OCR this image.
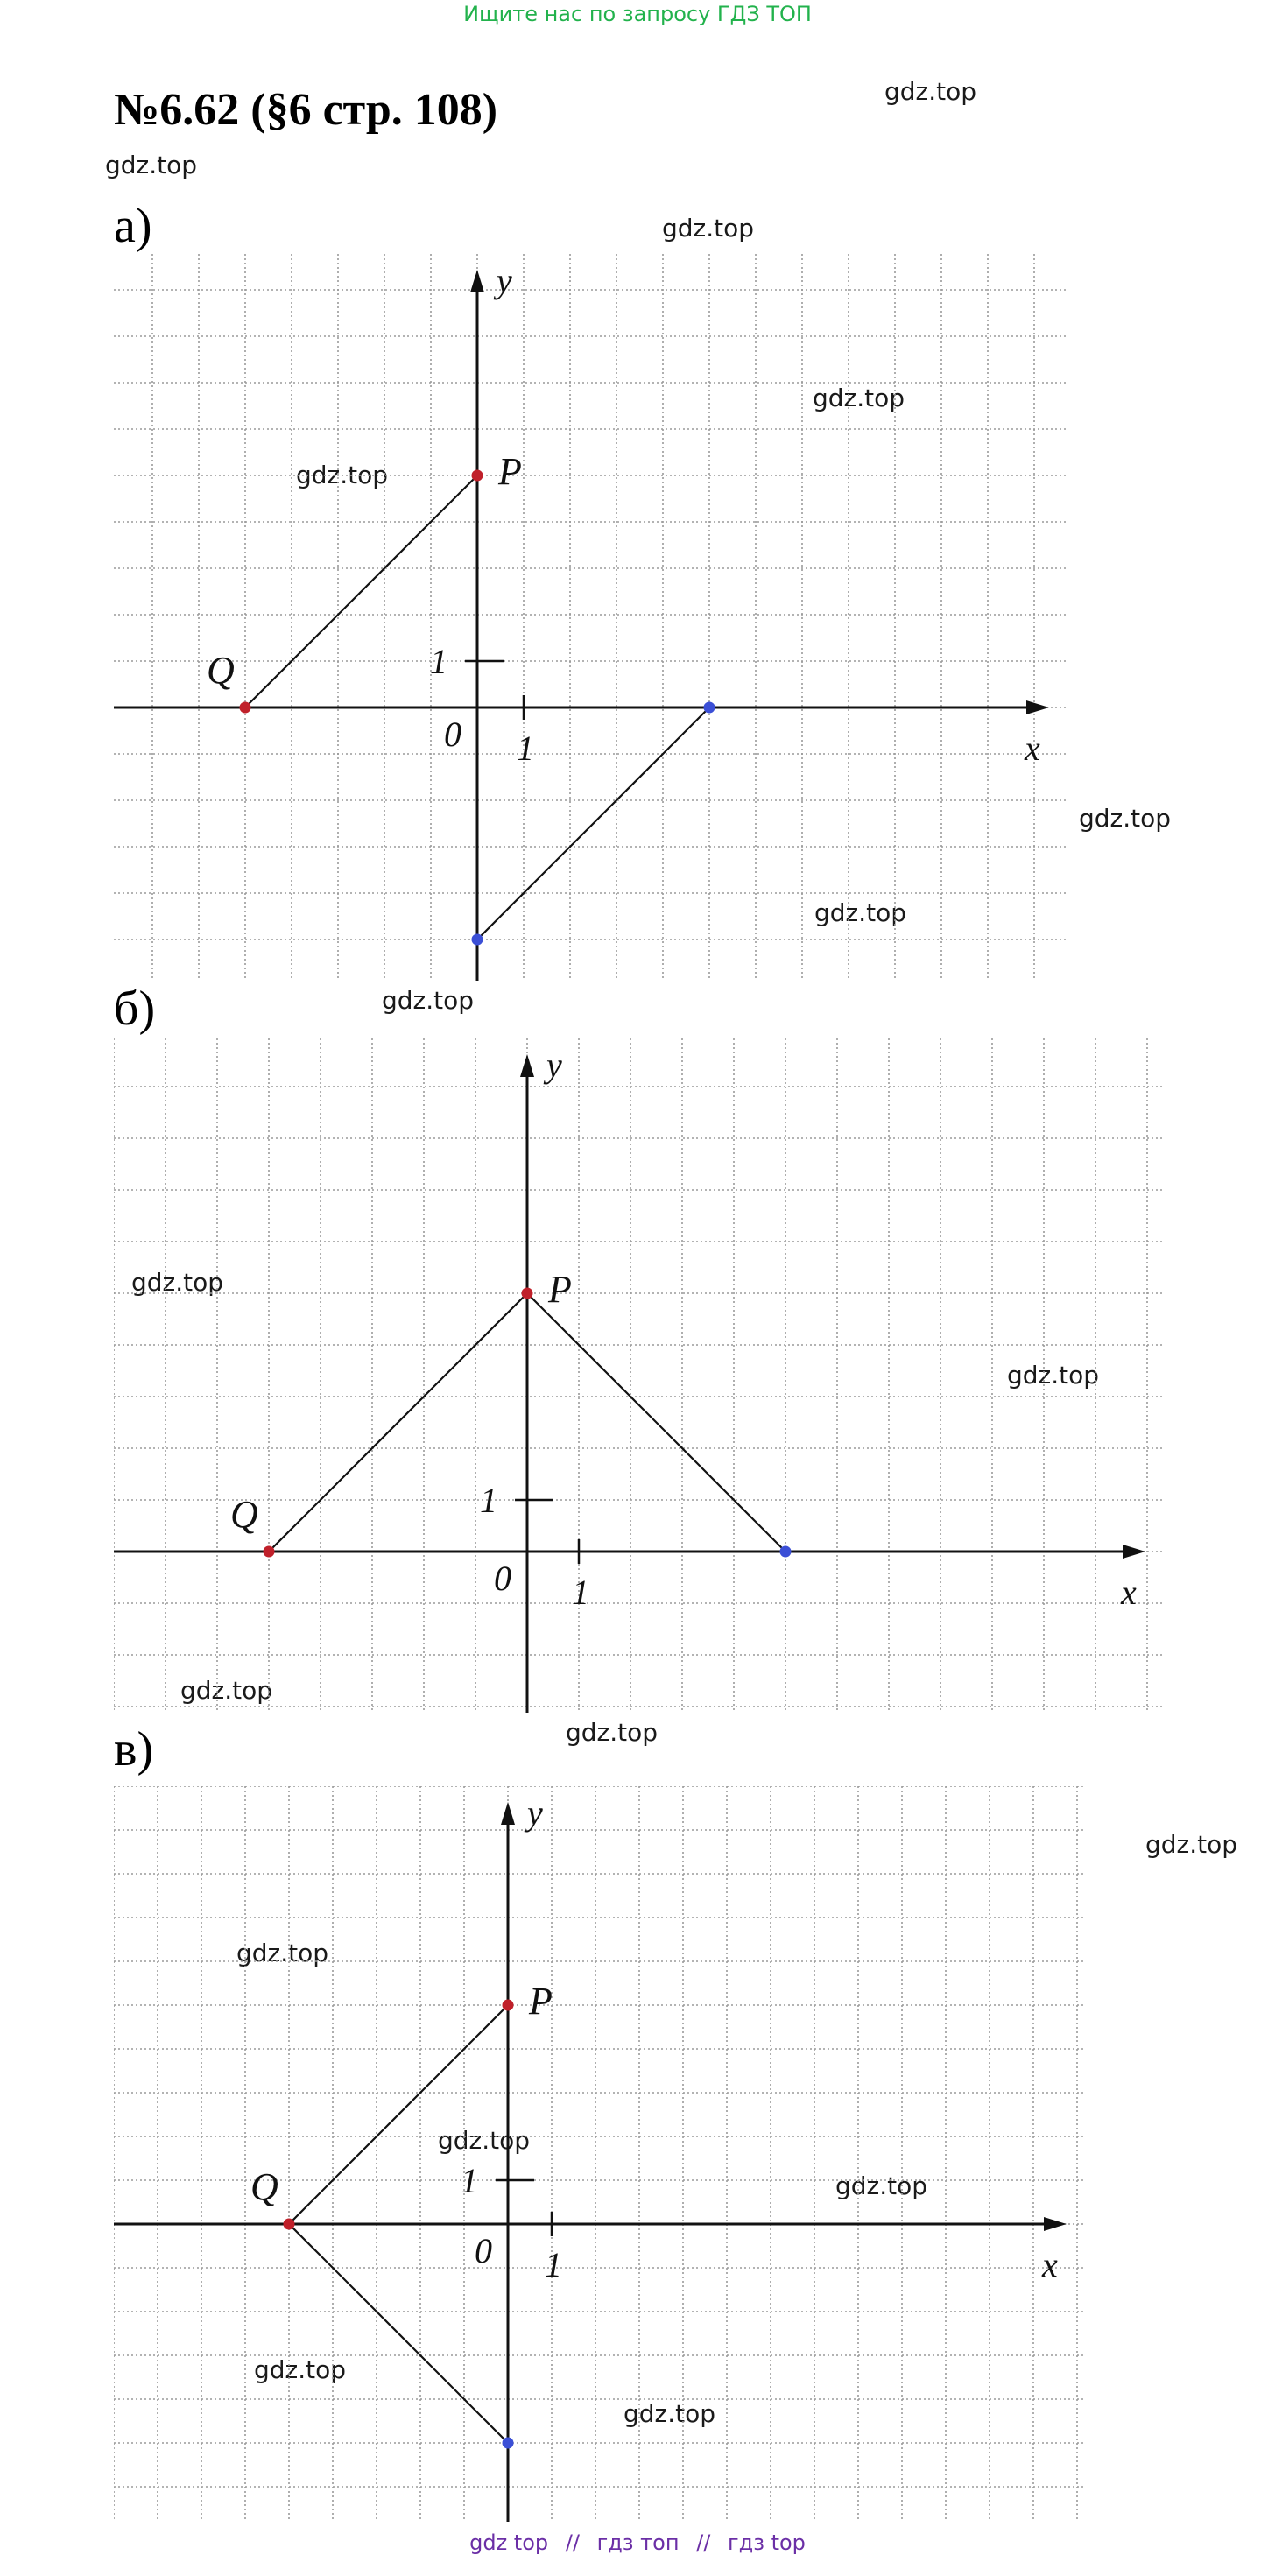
Ищите нас по запросу ГДЗ ТОП
№6.62 (§6 стр. 108)	gdz.top
gdz.top
gdz.top
gdz.top
gdz.top
gdz.top
gdz.top
gdz.top
gdz.top
gdz.top
gdz.top
gdz.top
gdz.top
gdz.top
gdz.top
gdz.top
gdz.top
gdz.top
а)
б)
в)
x
y
0 1
1
P
Q
x
y
0 1
1
P
Q
x
y
0 1
1
P
Q
gdz top // гдз топ // гдз top
